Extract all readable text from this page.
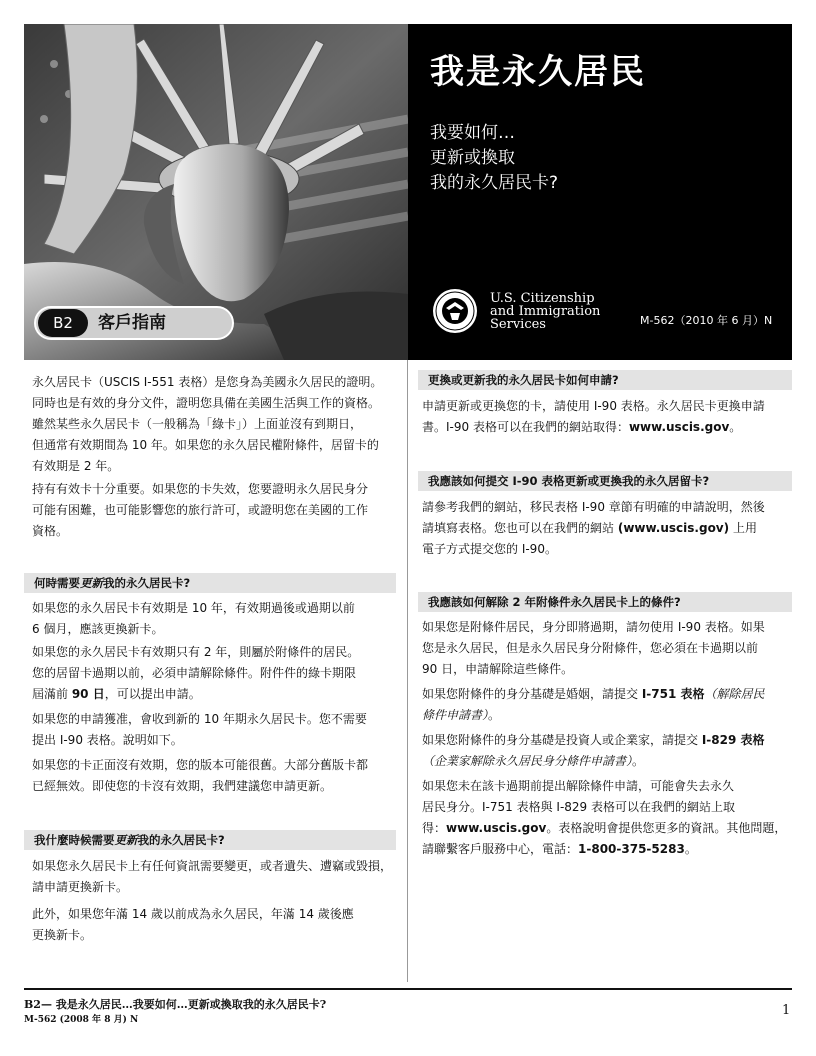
B2	客戶指南
我是永久居民
我要如何…
更新或換取
我的永久居民卡?
U.S. Citizenship
and Immigration
Services	M-562（2010 年 6 月）N
永久居民卡（USCIS I-551 表格）是您身為美國永久居民的證明。
同時也是有效的身分文件，證明您具備在美國生活與工作的資格。
雖然某些永久居民卡（一般稱為「綠卡」）上面並沒有到期日，
但通常有效期間為 10 年。如果您的永久居民權附條件，居留卡的
有效期是 2 年。
持有有效卡十分重要。如果您的卡失效，您要證明永久居民身分
可能有困難，也可能影響您的旅行許可，或證明您在美國的工作
資格。
何時需要更新我的永久居民卡?
如果您的永久居民卡有效期是 10 年，有效期過後或過期以前
6 個月，應該更換新卡。
如果您的永久居民卡有效期只有 2 年，則屬於附條件的居民。
您的居留卡過期以前，必須申請解除條件。附件件的綠卡期限
屆滿前 90 日，可以提出申請。
如果您的申請獲准，會收到新的 10 年期永久居民卡。您不需要
提出 I-90 表格。說明如下。
如果您的卡正面沒有效期，您的版本可能很舊。大部分舊版卡都
已經無效。即使您的卡沒有效期，我們建議您申請更新。
我什麼時候需要更新我的永久居民卡?
如果您永久居民卡上有任何資訊需要變更，或者遺失、遭竊或毀損，
請申請更換新卡。
此外，如果您年滿 14 歲以前成為永久居民，年滿 14 歲後應
更換新卡。
更換或更新我的永久居民卡如何申請?
申請更新或更換您的卡，請使用 I-90 表格。永久居民卡更換申請
書。I-90 表格可以在我們的網站取得：www.uscis.gov。
我應該如何提交 I-90 表格更新或更換我的永久居留卡?
請參考我們的網站，移民表格 I-90 章節有明確的申請說明，然後
請填寫表格。您也可以在我們的網站 (www.uscis.gov) 上用
電子方式提交您的 I-90。
我應該如何解除 2 年附條件永久居民卡上的條件?
如果您是附條件居民，身分即將過期，請勿使用 I-90 表格。如果
您是永久居民，但是永久居民身分附條件，您必須在卡過期以前
90 日，申請解除這些條件。
如果您附條件的身分基礎是婚姻，請提交 I-751 表格（解除居民
條件申請書）。
如果您附條件的身分基礎是投資人或企業家，請提交 I-829 表格
（企業家解除永久居民身分條件申請書）。
如果您未在該卡過期前提出解除條件申請，可能會失去永久
居民身分。I-751 表格與 I-829 表格可以在我們的網站上取
得：www.uscis.gov。表格說明會提供您更多的資訊。其他問題，
請聯繫客戶服務中心，電話：1-800-375-5283。
B2— 我是永久居民…我要如何…更新或換取我的永久居民卡?
M-562 (2008 年 8 月) N
1
